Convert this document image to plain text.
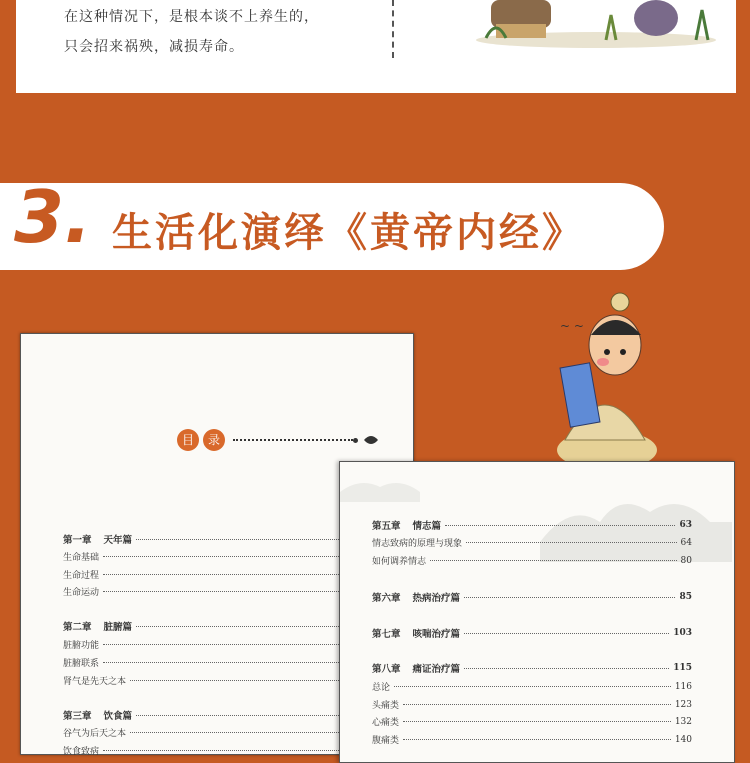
在这种情况下，是根本谈不上养生的，

只会招来祸殃，减损寿命。

3. 生活化演绎《黄帝内经》
~ ~
目	录
第一章 天年篇
生命基础
生命过程
生命运动
第二章 脏腑篇
脏腑功能
脏腑联系
肾气是先天之本
第三章 饮食篇
谷气为后天之本
饮食致病
第五章 情志篇	63
情志致病的原理与现象	64
如何调养情志	80
第六章 热病治疗篇	85
第七章 咳喘治疗篇	103
第八章 痛证治疗篇	115
总论	116
头痛类	123
心痛类	132
腹痛类	140
